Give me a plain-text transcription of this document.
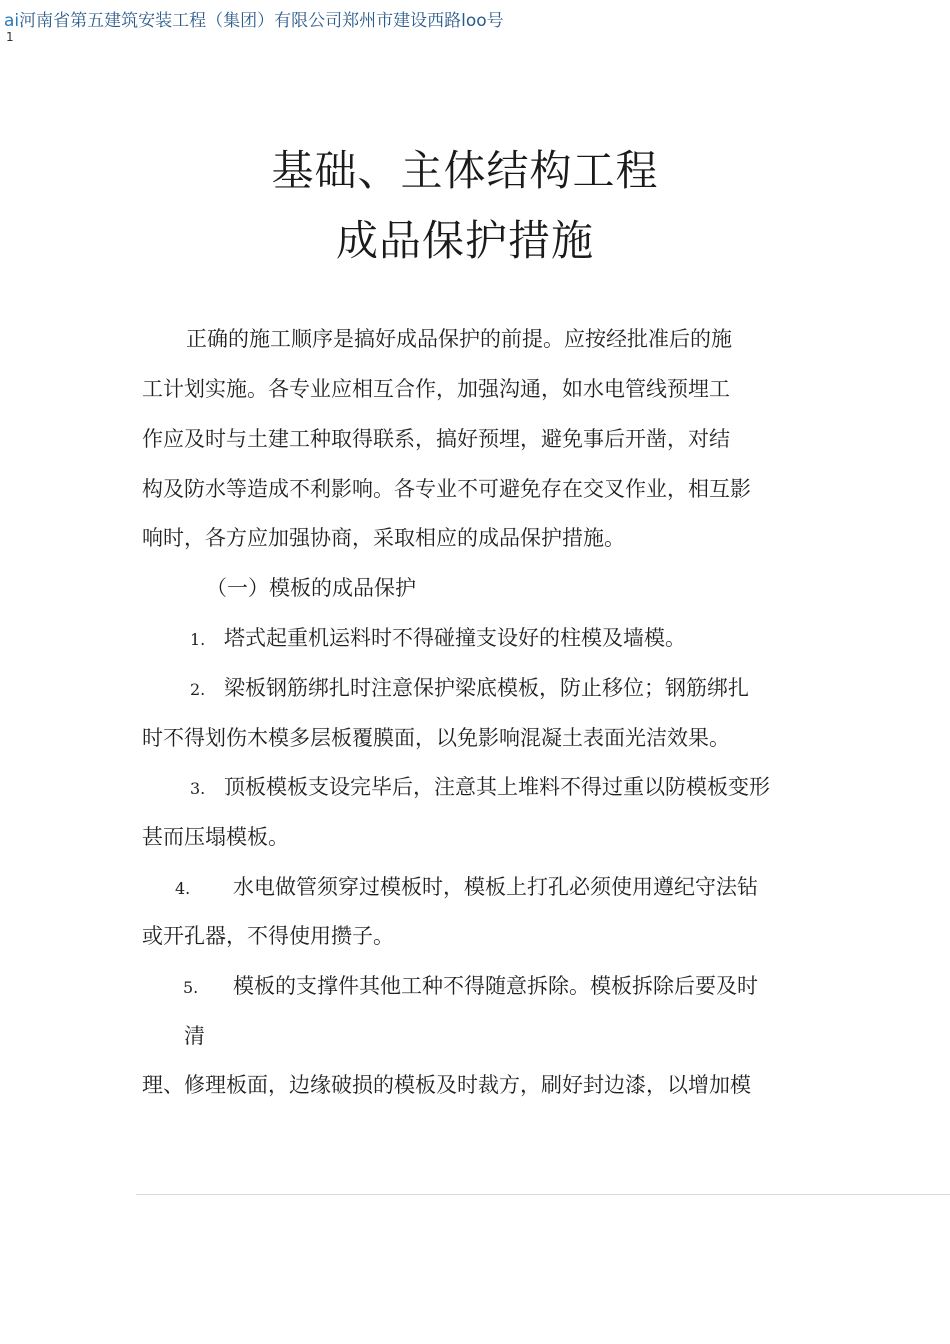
ai河南省第五建筑安装工程（集团）有限公司郑州市建设西路loo号
1
基础、主体结构工程
成品保护措施
正确的施工顺序是搞好成品保护的前提。应按经批准后的施
工计划实施。各专业应相互合作，加强沟通，如水电管线预埋工
作应及时与土建工种取得联系，搞好预埋，避免事后开凿，对结
构及防水等造成不利影响。各专业不可避免存在交叉作业，相互影
响时，各方应加强协商，采取相应的成品保护措施。
（一）模板的成品保护
1. 塔式起重机运料时不得碰撞支设好的柱模及墙模。
2. 梁板钢筋绑扎时注意保护梁底模板，防止移位；钢筋绑扎
时不得划伤木模多层板覆膜面，以免影响混凝土表面光洁效果。
3. 顶板模板支设完毕后，注意其上堆料不得过重以防模板变形
甚而压塌模板。
4. 水电做管须穿过模板时，模板上打孔必须使用遵纪守法钻
或开孔器，不得使用攒子。
5. 模板的支撑件其他工种不得随意拆除。模板拆除后要及时
清
理、修理板面，边缘破损的模板及时裁方，刷好封边漆，以增加模
